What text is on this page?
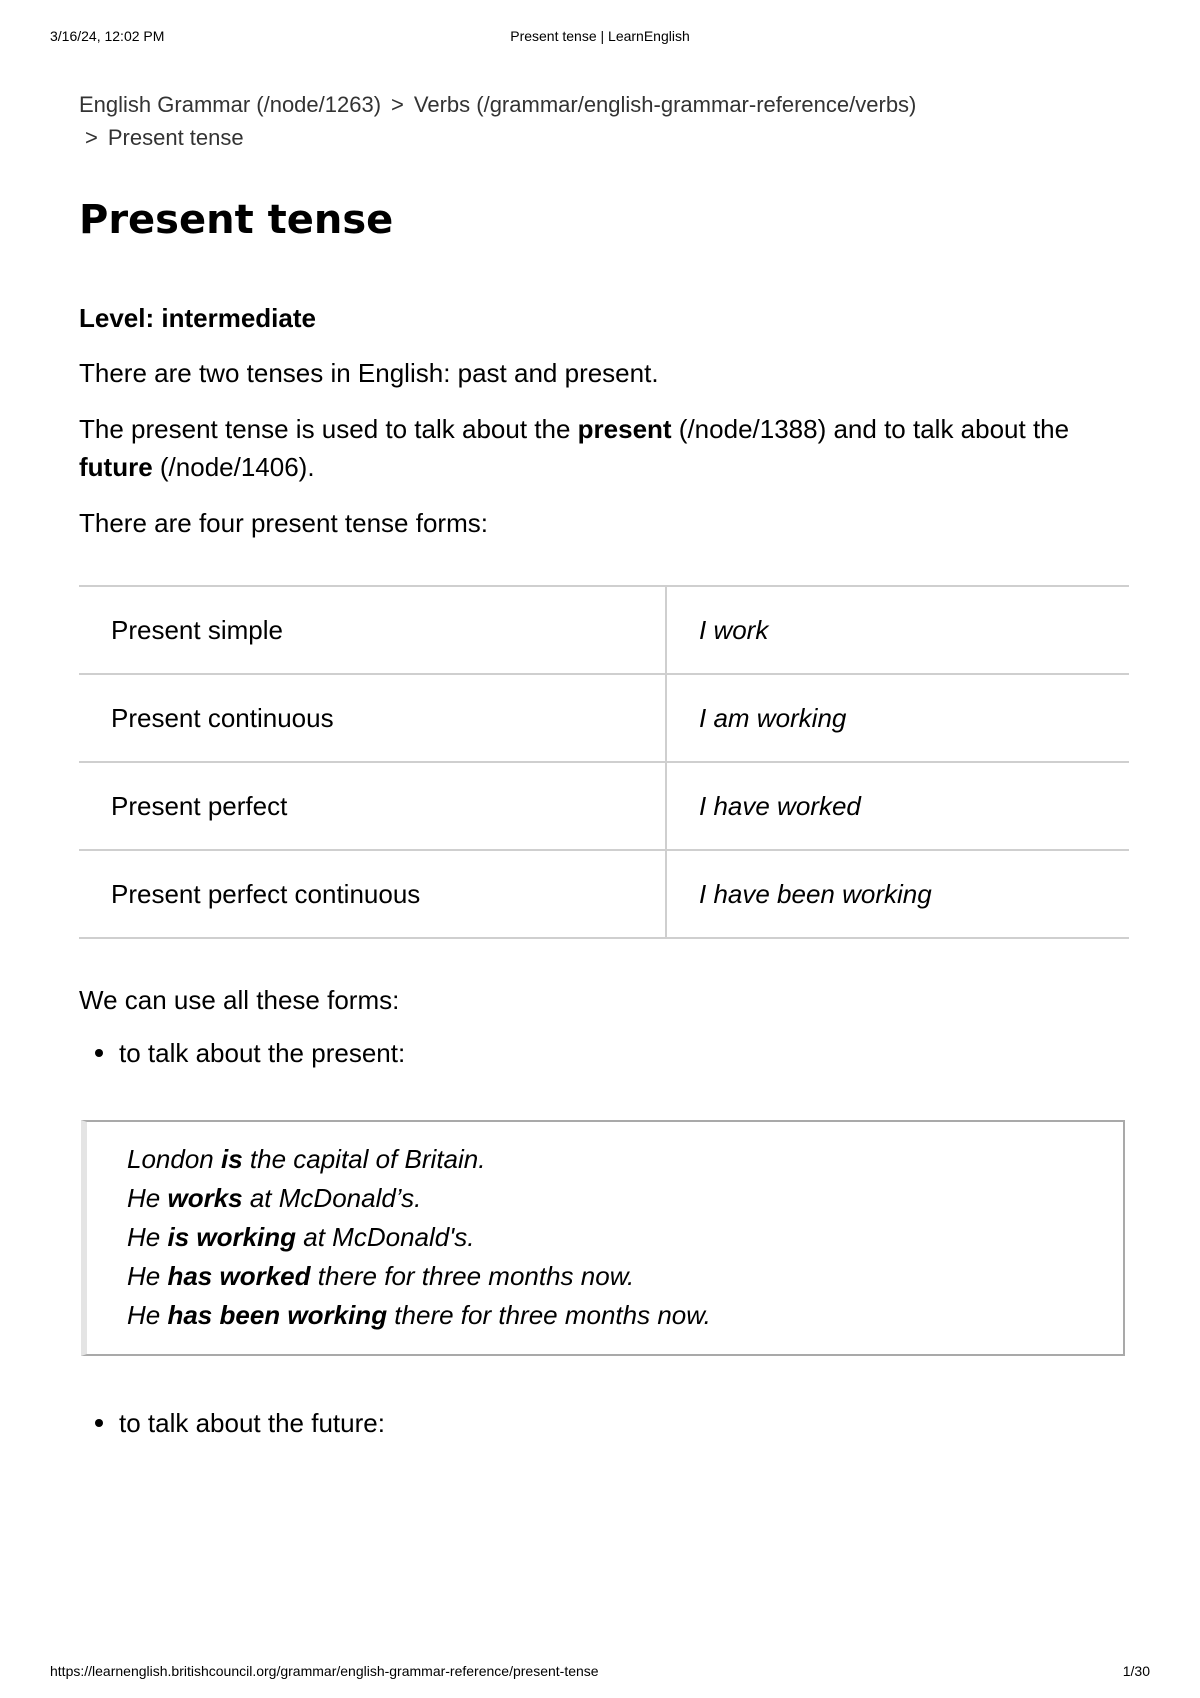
3/16/24, 12:02 PM	Present tense | LearnEnglish
English Grammar (/node/1263) > Verbs (/grammar/english-grammar-reference/verbs)
> Present tense
Present tense
Level: intermediate

There are two tenses in English: past and present.

The present tense is used to talk about the present (/node/1388) and to talk about the future (/node/1406).

There are four present tense forms:

Present simple	I work
Present continuous	I am working
Present perfect	I have worked
Present perfect continuous	I have been working
We can use all these forms:
to talk about the present:
London is the capital of Britain.
He works at McDonald’s.
He is working at McDonald's.
He has worked there for three months now.
He has been working there for three months now.
to talk about the future:
https://learnenglish.britishcouncil.org/grammar/english-grammar-reference/present-tense	1/30
